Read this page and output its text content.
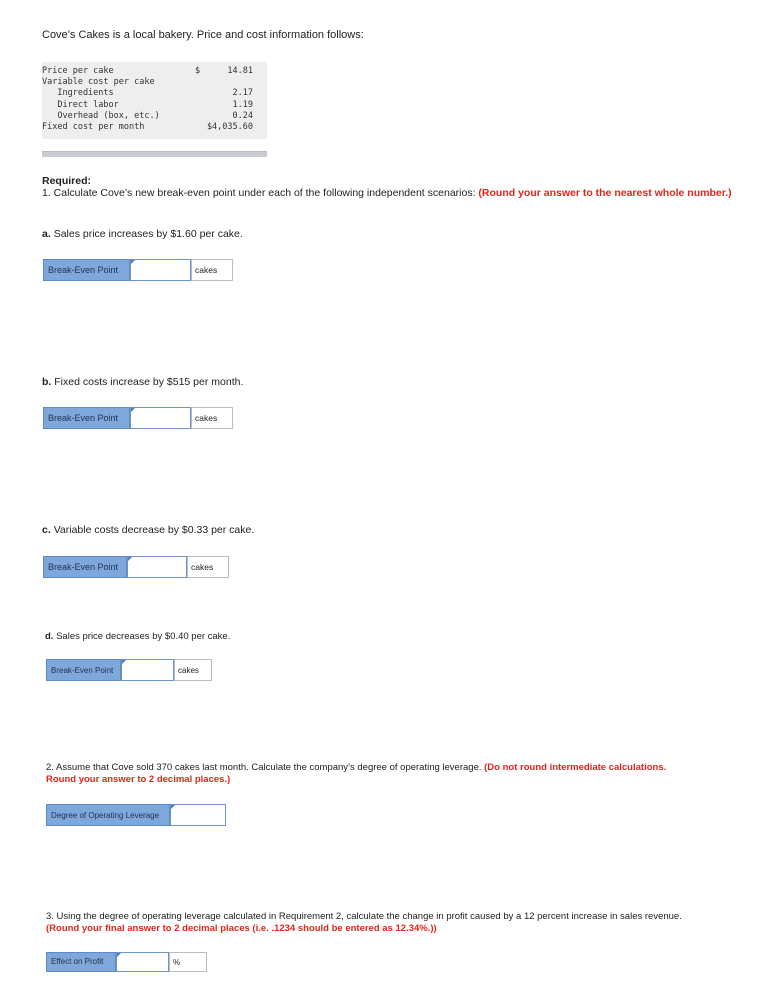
Cove’s Cakes is a local bakery. Price and cost information follows:
Price per cake	$	14.81
Variable cost per cake
Ingredients	2.17
Direct labor	1.19
Overhead (box, etc.)	0.24
Fixed cost per month	$4,035.60
Required:
1. Calculate Cove’s new break-even point under each of the following independent scenarios: (Round your answer to the nearest whole number.)
a. Sales price increases by $1.60 per cake.
Break-Even Point	cakes
b. Fixed costs increase by $515 per month.
Break-Even Point	cakes
c. Variable costs decrease by $0.33 per cake.
Break-Even Point	cakes
d. Sales price decreases by $0.40 per cake.
Break-Even Point	cakes
2. Assume that Cove sold 370 cakes last month. Calculate the company’s degree of operating leverage. (Do not round intermediate calculations. Round your answer to 2 decimal places.)
Degree of Operating Leverage
3. Using the degree of operating leverage calculated in Requirement 2, calculate the change in profit caused by a 12 percent increase in sales revenue. (Round your final answer to 2 decimal places (i.e. .1234 should be entered as 12.34%.))
Effect on Profit	%
